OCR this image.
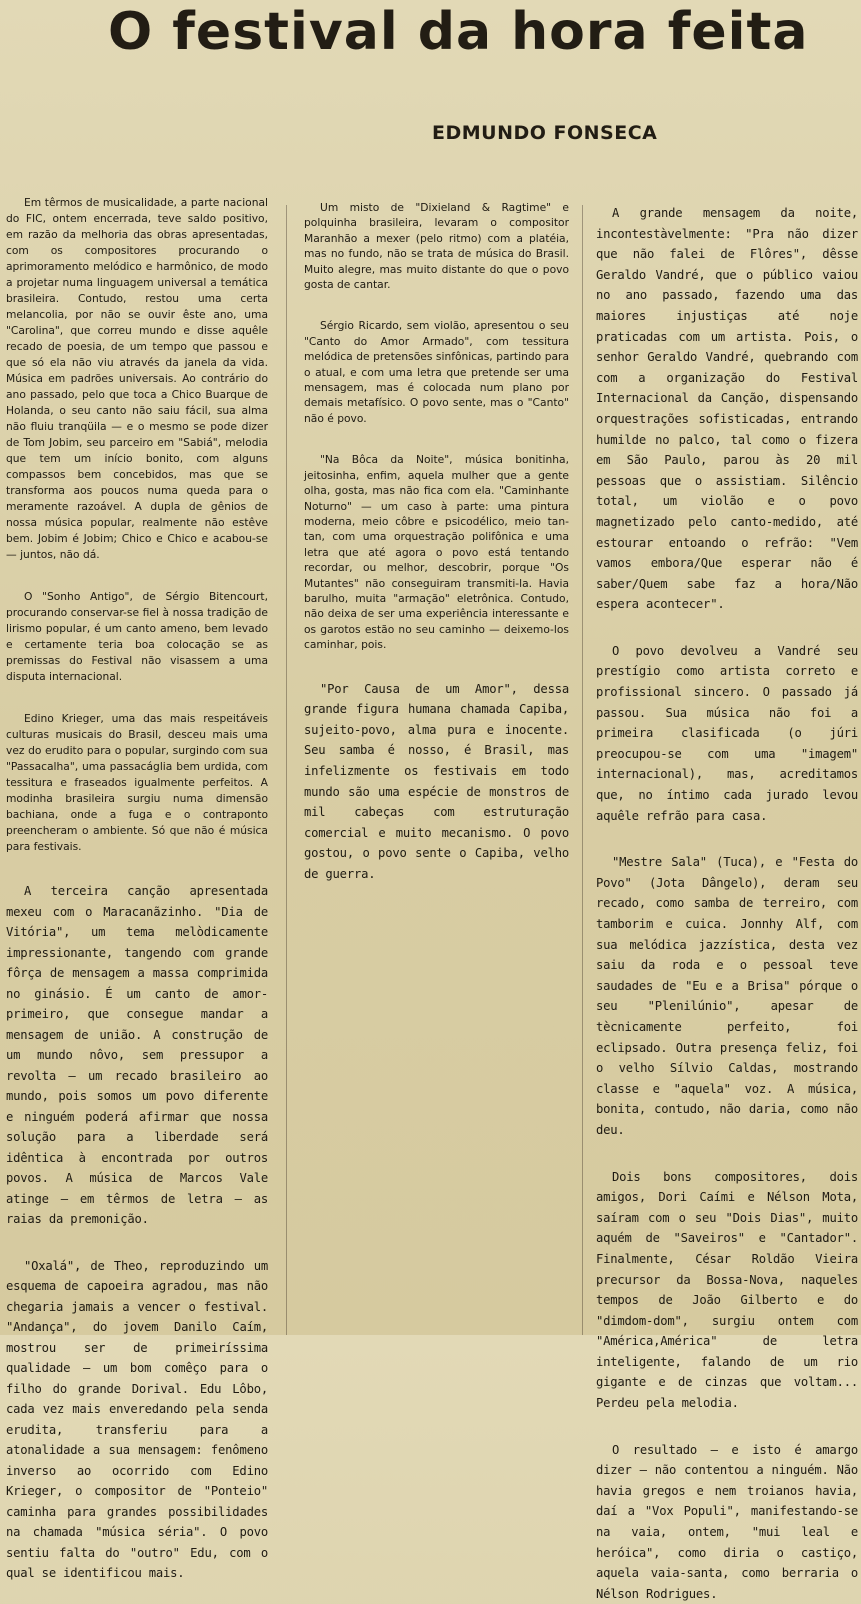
O festival da hora feita
EDMUNDO FONSECA

Em têrmos de musicalidade, a parte nacional do FIC, ontem encerrada, teve saldo positivo, em razão da melhoria das obras apresentadas, com os compositores procurando o aprimoramento melódico e harmônico, de modo a projetar numa linguagem universal a temática brasileira. Contudo, restou uma certa melancolia, por não se ouvir êste ano, uma "Carolina", que correu mundo e disse aquêle recado de poesia, de um tempo que passou e que só ela não viu através da janela da vida. Música em padrões universais. Ao contrário do ano passado, pelo que toca a Chico Buarque de Holanda, o seu canto não saiu fácil, sua alma não fluiu tranqüila — e o mesmo se pode dizer de Tom Jobim, seu parceiro em "Sabiá", melodia que tem um início bonito, com alguns compassos bem concebidos, mas que se transforma aos poucos numa queda para o meramente razoável. A dupla de gênios de nossa música popular, realmente não estêve bem. Jobim é Jobim; Chico e Chico e acabou-se — juntos, não dá.

O "Sonho Antigo", de Sérgio Bitencourt, procurando conservar-se fiel à nossa tradição de lirismo popular, é um canto ameno, bem levado e certamente teria boa colocação se as premissas do Festival não visassem a uma disputa internacional.

Edino Krieger, uma das mais respeitáveis culturas musicais do Brasil, desceu mais uma vez do erudito para o popular, surgindo com sua "Passacalha", uma passacáglia bem urdida, com tessitura e fraseados igualmente perfeitos. A modinha brasileira surgiu numa dimensão bachiana, onde a fuga e o contraponto preencheram o ambiente. Só que não é música para festivais.

A terceira canção apresentada mexeu com o Maracanãzinho. "Dia de Vitória", um tema melòdicamente impressionante, tangendo com grande fôrça de mensagem a massa comprimida no ginásio. É um canto de amor-primeiro, que consegue mandar a mensagem de união. A construção de um mundo nôvo, sem pressupor a revolta — um recado brasileiro ao mundo, pois somos um povo diferente e ninguém poderá afirmar que nossa solução para a liberdade será idêntica à encontrada por outros povos. A música de Marcos Vale atinge — em têrmos de letra — as raias da premonição.

"Oxalá", de Theo, reproduzindo um esquema de capoeira agradou, mas não chegaria jamais a vencer o festival. "Andança", do jovem Danilo Caím, mostrou ser de primeiríssima qualidade — um bom comêço para o filho do grande Dorival. Edu Lôbo, cada vez mais enveredando pela senda erudita, transferiu para a atonalidade a sua mensagem: fenômeno inverso ao ocorrido com Edino Krieger, o compositor de "Ponteio" caminha para grandes possibilidades na chamada "música séria". O povo sentiu falta do "outro" Edu, com o qual se identificou mais.

Um misto de "Dixieland & Ragtime" e polquinha brasileira, levaram o compositor Maranhão a mexer (pelo ritmo) com a platéia, mas no fundo, não se trata de música do Brasil. Muito alegre, mas muito distante do que o povo gosta de cantar.

Sérgio Ricardo, sem violão, apresentou o seu "Canto do Amor Armado", com tessitura melódica de pretensões sinfônicas, partindo para o atual, e com uma letra que pretende ser uma mensagem, mas é colocada num plano por demais metafísico. O povo sente, mas o "Canto" não é povo.

"Na Bôca da Noite", música bonitinha, jeitosinha, enfim, aquela mulher que a gente olha, gosta, mas não fica com ela. "Caminhante Noturno" — um caso à parte: uma pintura moderna, meio côbre e psicodélico, meio tan-tan, com uma orquestração polifônica e uma letra que até agora o povo está tentando recordar, ou melhor, descobrir, porque "Os Mutantes" não conseguiram transmiti-la. Havia barulho, muita "armação" eletrônica. Contudo, não deixa de ser uma experiência interessante e os garotos estão no seu caminho — deixemo-los caminhar, pois.

"Por Causa de um Amor", dessa grande figura humana chamada Capiba, sujeito-povo, alma pura e inocente. Seu samba é nosso, é Brasil, mas infelizmente os festivais em todo mundo são uma espécie de monstros de mil cabeças com estruturação comercial e muito mecanismo. O povo gostou, o povo sente o Capiba, velho de guerra.

A grande mensagem da noite, incontestàvelmente: "Pra não dizer que não falei de Flôres", dêsse Geraldo Vandré, que o público vaiou no ano passado, fazendo uma das maiores injustiças até noje praticadas com um artista. Pois, o senhor Geraldo Vandré, quebrando com com a organização do Festival Internacional da Canção, dispensando orquestrações sofisticadas, entrando humilde no palco, tal como o fizera em São Paulo, parou às 20 mil pessoas que o assistiam. Silêncio total, um violão e o povo magnetizado pelo canto-medido, até estourar entoando o refrão: "Vem vamos embora/Que esperar não é saber/Quem sabe faz a hora/Não espera acontecer".

O povo devolveu a Vandré seu prestígio como artista correto e profissional sincero. O passado já passou. Sua música não foi a primeira clasificada (o júri preocupou-se com uma "imagem" internacional), mas, acreditamos que, no íntimo cada jurado levou aquêle refrão para casa.

"Mestre Sala" (Tuca), e "Festa do Povo" (Jota Dângelo), deram seu recado, como samba de terreiro, com tamborim e cuica. Jonnhy Alf, com sua melódica jazzística, desta vez saiu da roda e o pessoal teve saudades de "Eu e a Brisa" pórque o seu "Plenilúnio", apesar de tècnicamente perfeito, foi eclipsado. Outra presença feliz, foi o velho Sílvio Caldas, mostrando classe e "aquela" voz. A música, bonita, contudo, não daria, como não deu.

Dois bons compositores, dois amigos, Dori Caími e Nélson Mota, saíram com o seu "Dois Dias", muito aquém de "Saveiros" e "Cantador". Finalmente, César Roldão Vieira precursor da Bossa-Nova, naqueles tempos de João Gilberto e do "dimdom-dom", surgiu ontem com "América,América" de letra inteligente, falando de um rio gigante e de cinzas que voltam... Perdeu pela melodia.

O resultado — e isto é amargo dizer — não contentou a ninguém. Não havia gregos e nem troianos havia, daí a "Vox Populi", manifestando-se na vaia, ontem, "mui leal e heróica", como diria o castiço, aquela vaia-santa, como berraria o Nélson Rodrigues.
